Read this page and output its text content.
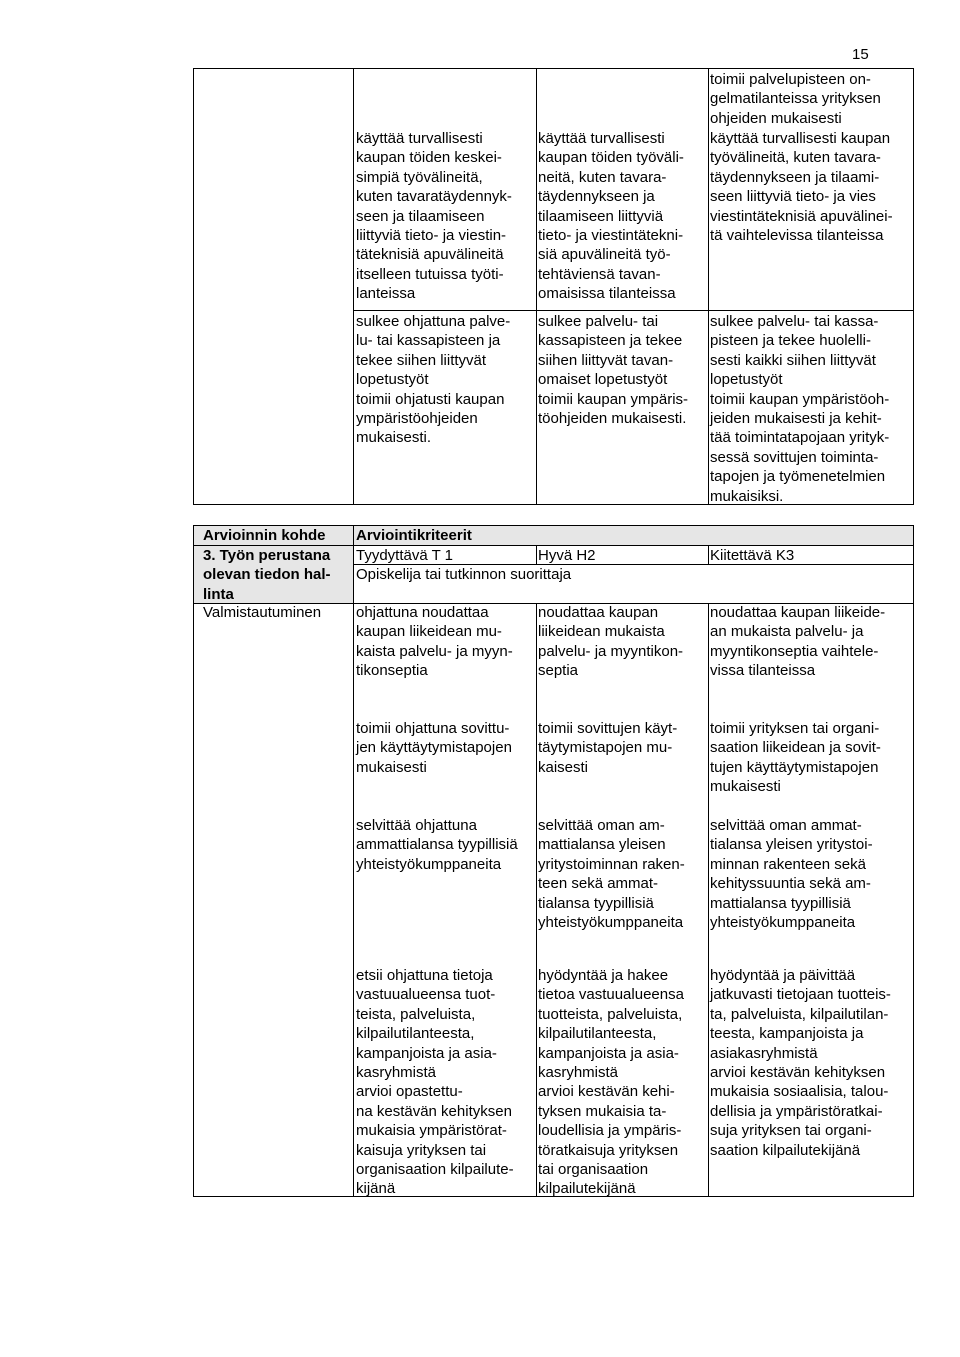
15
toimii palvelupisteen on-
gelmatilanteissa yrityksen
ohjeiden mukaisesti
käyttää turvallisesti
kaupan töiden keskei-
simpiä työvälineitä,
kuten tavaratäydennyk-
seen ja tilaamiseen
liittyviä tieto- ja viestin-
täteknisiä apuvälineitä
itselleen tutuissa työti-
lanteissa
käyttää turvallisesti
kaupan töiden työväli-
neitä, kuten tavara-
täydennykseen ja
tilaamiseen liittyviä
tieto- ja viestintätekni-
siä apuvälineitä työ-
tehtäviensä tavan-
omaisissa tilanteissa
käyttää turvallisesti kaupan
työvälineitä, kuten tavara-
täydennykseen ja tilaami-
seen liittyviä tieto- ja vies
viestintäteknisiä apuvälinei-
tä vaihtelevissa tilanteissa
sulkee ohjattuna palve-
lu- tai kassapisteen ja
tekee siihen liittyvät
lopetustyöt
toimii ohjatusti kaupan
ympäristöohjeiden
mukaisesti.
sulkee palvelu- tai
kassapisteen ja tekee
siihen liittyvät tavan-
omaiset lopetustyöt
toimii kaupan ympäris-
töohjeiden mukaisesti.
sulkee palvelu- tai kassa-
pisteen ja tekee huolelli-
sesti kaikki siihen liittyvät
lopetustyöt
toimii kaupan ympäristöoh-
jeiden mukaisesti ja kehit-
tää toimintatapojaan yrityk-
sessä sovittujen toiminta-
tapojen ja työmenetelmien
mukaisiksi.
Arvioinnin kohde Arviointikriteerit
3. Työn perustana
olevan tiedon hal-
linta
Tyydyttävä T 1	Hyvä H2	Kiitettävä K3
Opiskelija tai tutkinnon suorittaja
Valmistautuminen ohjattuna noudattaa
kaupan liikeidean mu-
kaista palvelu- ja myyn-
tikonseptia
noudattaa kaupan
liikeidean mukaista
palvelu- ja myyntikon-
septia
noudattaa kaupan liikeide-
an mukaista palvelu- ja
myyntikonseptia vaihtele-
vissa tilanteissa
toimii ohjattuna sovittu-
jen käyttäytymistapojen
mukaisesti
toimii sovittujen käyt-
täytymistapojen mu-
kaisesti
toimii yrityksen tai organi-
saation liikeidean ja sovit-
tujen käyttäytymistapojen
mukaisesti
selvittää ohjattuna
ammattialansa tyypillisiä
yhteistyökumppaneita
selvittää oman am-
mattialansa yleisen
yritystoiminnan raken-
teen sekä ammat-
tialansa tyypillisiä
yhteistyökumppaneita
selvittää oman ammat-
tialansa yleisen yritystoi-
minnan rakenteen sekä
kehityssuuntia sekä am-
mattialansa tyypillisiä
yhteistyökumppaneita
etsii ohjattuna tietoja
vastuualueensa tuot-
teista, palveluista,
kilpailutilanteesta,
kampanjoista ja asia-
kasryhmistä
arvioi opastettu-
na kestävän kehityksen
mukaisia ympäristörat-
kaisuja yrityksen tai
organisaation kilpailute-
kijänä
hyödyntää ja hakee
tietoa vastuualueensa
tuotteista, palveluista,
kilpailutilanteesta,
kampanjoista ja asia-
kasryhmistä
arvioi kestävän kehi-
tyksen mukaisia ta-
loudellisia ja ympäris-
töratkaisuja yrityksen
tai organisaation
kilpailutekijänä
hyödyntää ja päivittää
jatkuvasti tietojaan tuotteis-
ta, palveluista, kilpailutilan-
teesta, kampanjoista ja
asiakasryhmistä
arvioi kestävän kehityksen
mukaisia sosiaalisia, talou-
dellisia ja ympäristöratkai-
suja yrityksen tai organi-
saation kilpailutekijänä
